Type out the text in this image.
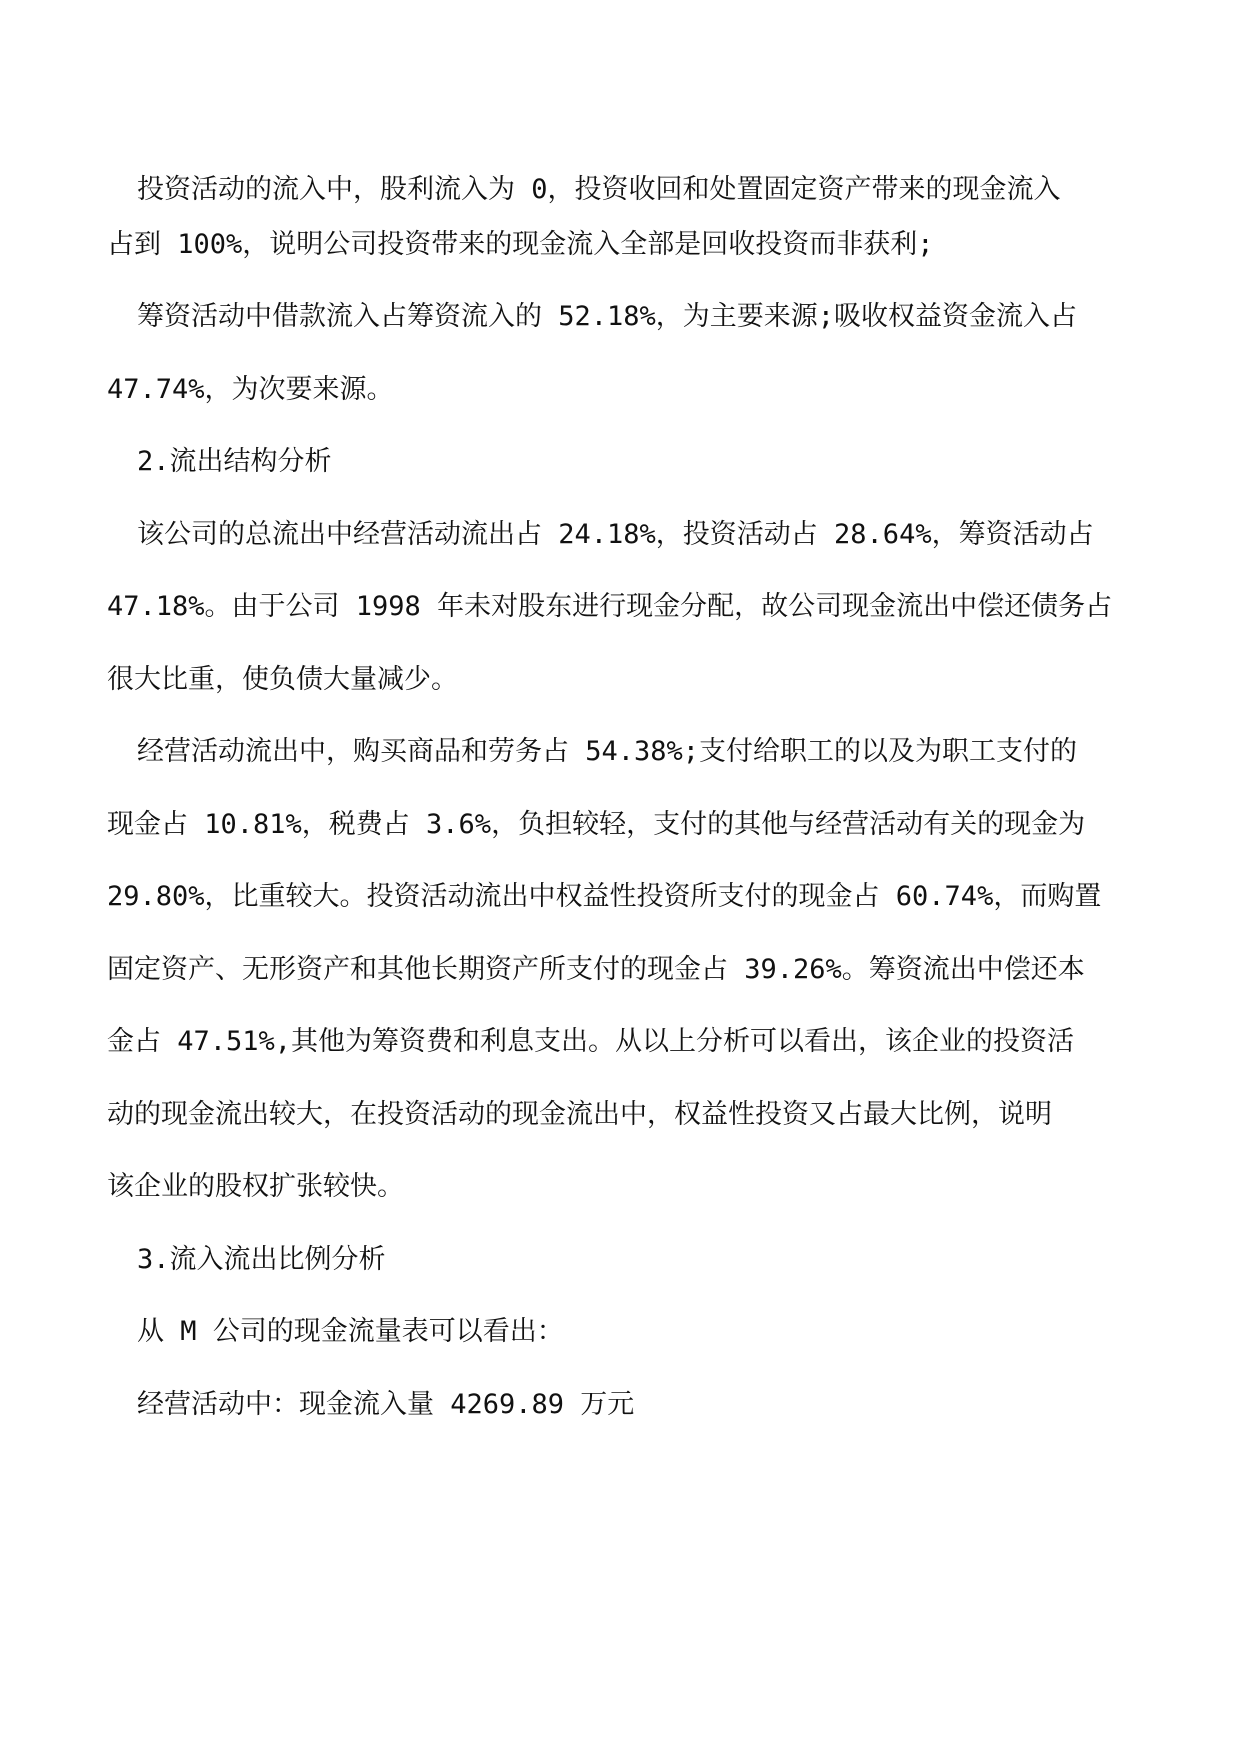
投资活动的流入中，股利流入为 0，投资收回和处置固定资产带来的现金流入
占到 100%，说明公司投资带来的现金流入全部是回收投资而非获利;
筹资活动中借款流入占筹资流入的 52.18%，为主要来源;吸收权益资金流入占
47.74%，为次要来源。
2.流出结构分析
该公司的总流出中经营活动流出占 24.18%，投资活动占 28.64%，筹资活动占
47.18%。由于公司 1998 年未对股东进行现金分配，故公司现金流出中偿还债务占
很大比重，使负债大量减少。
经营活动流出中，购买商品和劳务占 54.38%;支付给职工的以及为职工支付的
现金占 10.81%，税费占 3.6%，负担较轻，支付的其他与经营活动有关的现金为
29.80%，比重较大。投资活动流出中权益性投资所支付的现金占 60.74%，而购置
固定资产、无形资产和其他长期资产所支付的现金占 39.26%。筹资流出中偿还本
金占 47.51%,其他为筹资费和利息支出。从以上分析可以看出，该企业的投资活
动的现金流出较大，在投资活动的现金流出中，权益性投资又占最大比例，说明
该企业的股权扩张较快。
3.流入流出比例分析
从 M 公司的现金流量表可以看出：
经营活动中：现金流入量 4269.89 万元
